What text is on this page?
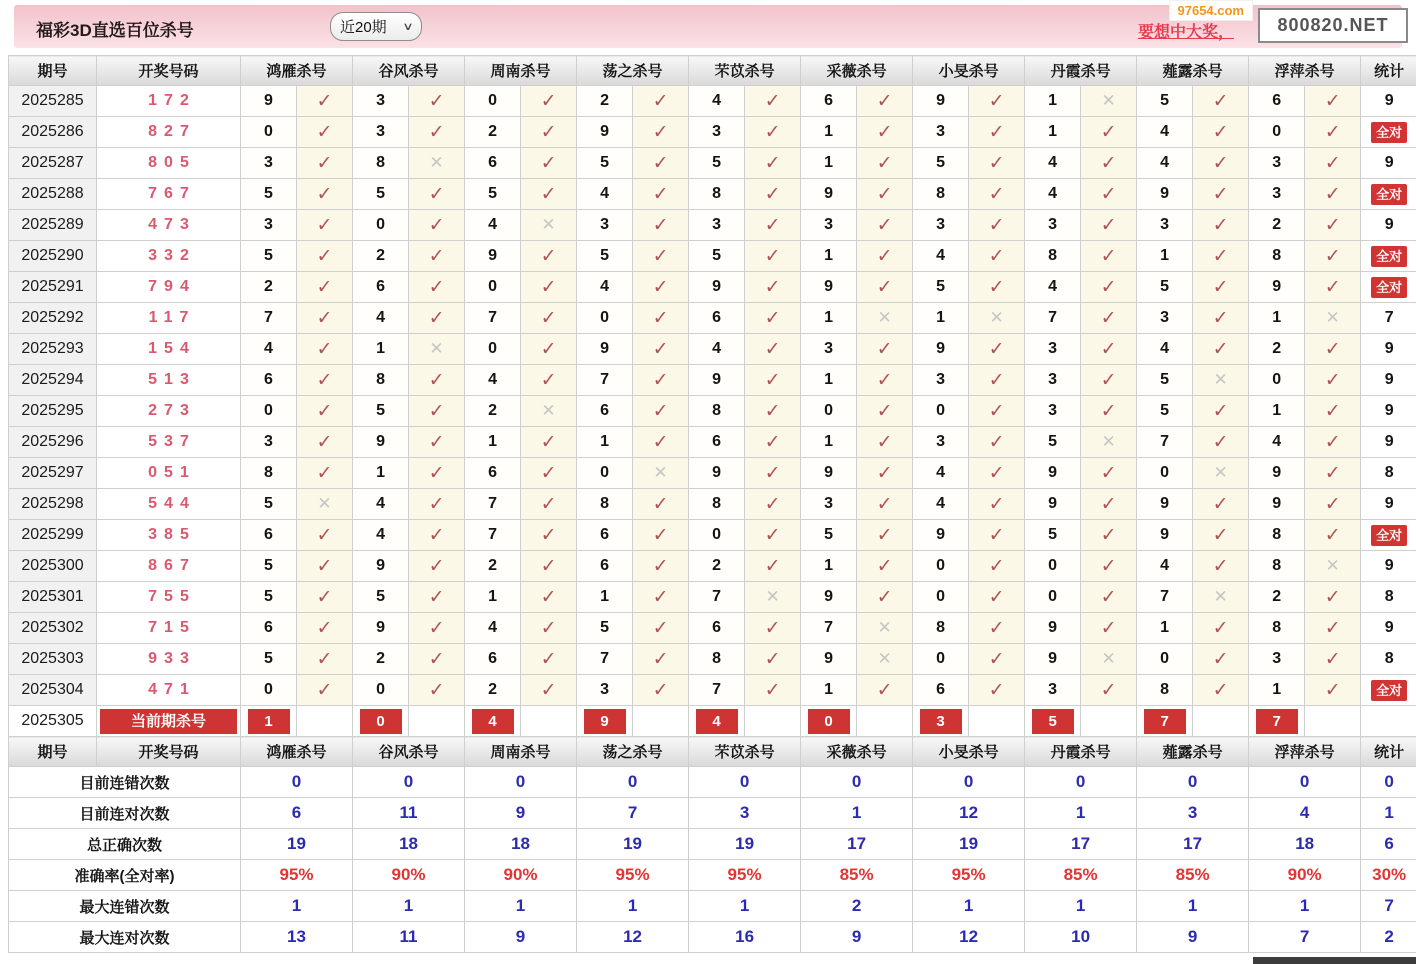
福彩3D直选百位杀号	近20期 ∨	要想中大奖，
97654.com
800820.NET
期号	开奖号码	鸿雁杀号		谷风杀号		周南杀号		荡之杀号		芣苡杀号		采薇杀号		小旻杀号		丹霞杀号		薤露杀号		浮萍杀号		统计
2025285	172	9	✓	3	✓	0	✓	2	✓	4	✓	6	✓	9	✓	1	✕	5	✓	6	✓	9
2025286	827	0	✓	3	✓	2	✓	9	✓	3	✓	1	✓	3	✓	1	✓	4	✓	0	✓	全对
2025287	805	3	✓	8	✕	6	✓	5	✓	5	✓	1	✓	5	✓	4	✓	4	✓	3	✓	9
2025288	767	5	✓	5	✓	5	✓	4	✓	8	✓	9	✓	8	✓	4	✓	9	✓	3	✓	全对
2025289	473	3	✓	0	✓	4	✕	3	✓	3	✓	3	✓	3	✓	3	✓	3	✓	2	✓	9
2025290	332	5	✓	2	✓	9	✓	5	✓	5	✓	1	✓	4	✓	8	✓	1	✓	8	✓	全对
2025291	794	2	✓	6	✓	0	✓	4	✓	9	✓	9	✓	5	✓	4	✓	5	✓	9	✓	全对
2025292	117	7	✓	4	✓	7	✓	0	✓	6	✓	1	✕	1	✕	7	✓	3	✓	1	✕	7
2025293	154	4	✓	1	✕	0	✓	9	✓	4	✓	3	✓	9	✓	3	✓	4	✓	2	✓	9
2025294	513	6	✓	8	✓	4	✓	7	✓	9	✓	1	✓	3	✓	3	✓	5	✕	0	✓	9
2025295	273	0	✓	5	✓	2	✕	6	✓	8	✓	0	✓	0	✓	3	✓	5	✓	1	✓	9
2025296	537	3	✓	9	✓	1	✓	1	✓	6	✓	1	✓	3	✓	5	✕	7	✓	4	✓	9
2025297	051	8	✓	1	✓	6	✓	0	✕	9	✓	9	✓	4	✓	9	✓	0	✕	9	✓	8
2025298	544	5	✕	4	✓	7	✓	8	✓	8	✓	3	✓	4	✓	9	✓	9	✓	9	✓	9
2025299	385	6	✓	4	✓	7	✓	6	✓	0	✓	5	✓	9	✓	5	✓	9	✓	8	✓	全对
2025300	867	5	✓	9	✓	2	✓	6	✓	2	✓	1	✓	0	✓	0	✓	4	✓	8	✕	9
2025301	755	5	✓	5	✓	1	✓	1	✓	7	✕	9	✓	0	✓	0	✓	7	✕	2	✓	8
2025302	715	6	✓	9	✓	4	✓	5	✓	6	✓	7	✕	8	✓	9	✓	1	✓	8	✓	9
2025303	933	5	✓	2	✓	6	✓	7	✓	8	✓	9	✕	0	✓	9	✕	0	✓	3	✓	8
2025304	471	0	✓	0	✓	2	✓	3	✓	7	✓	1	✓	6	✓	3	✓	8	✓	1	✓	全对
2025305	当前期杀号	1		0		4		9		4		0		3		5		7		7		
期号	开奖号码	鸿雁杀号		谷风杀号		周南杀号		荡之杀号		芣苡杀号		采薇杀号		小旻杀号		丹霞杀号		薤露杀号		浮萍杀号		统计
目前连错次数		0		0		0		0		0		0		0		0		0		0		0
目前连对次数		6		11		9		7		3		1		12		1		3		4		1
总正确次数		19		18		18		19		19		17		19		17		17		18		6
准确率(全对率)		95%		90%		90%		95%		95%		85%		95%		85%		85%		90%		30%
最大连错次数		1		1		1		1		1		2		1		1		1		1		7
最大连对次数		13		11		9		12		16		9		12		10		9		7		2
